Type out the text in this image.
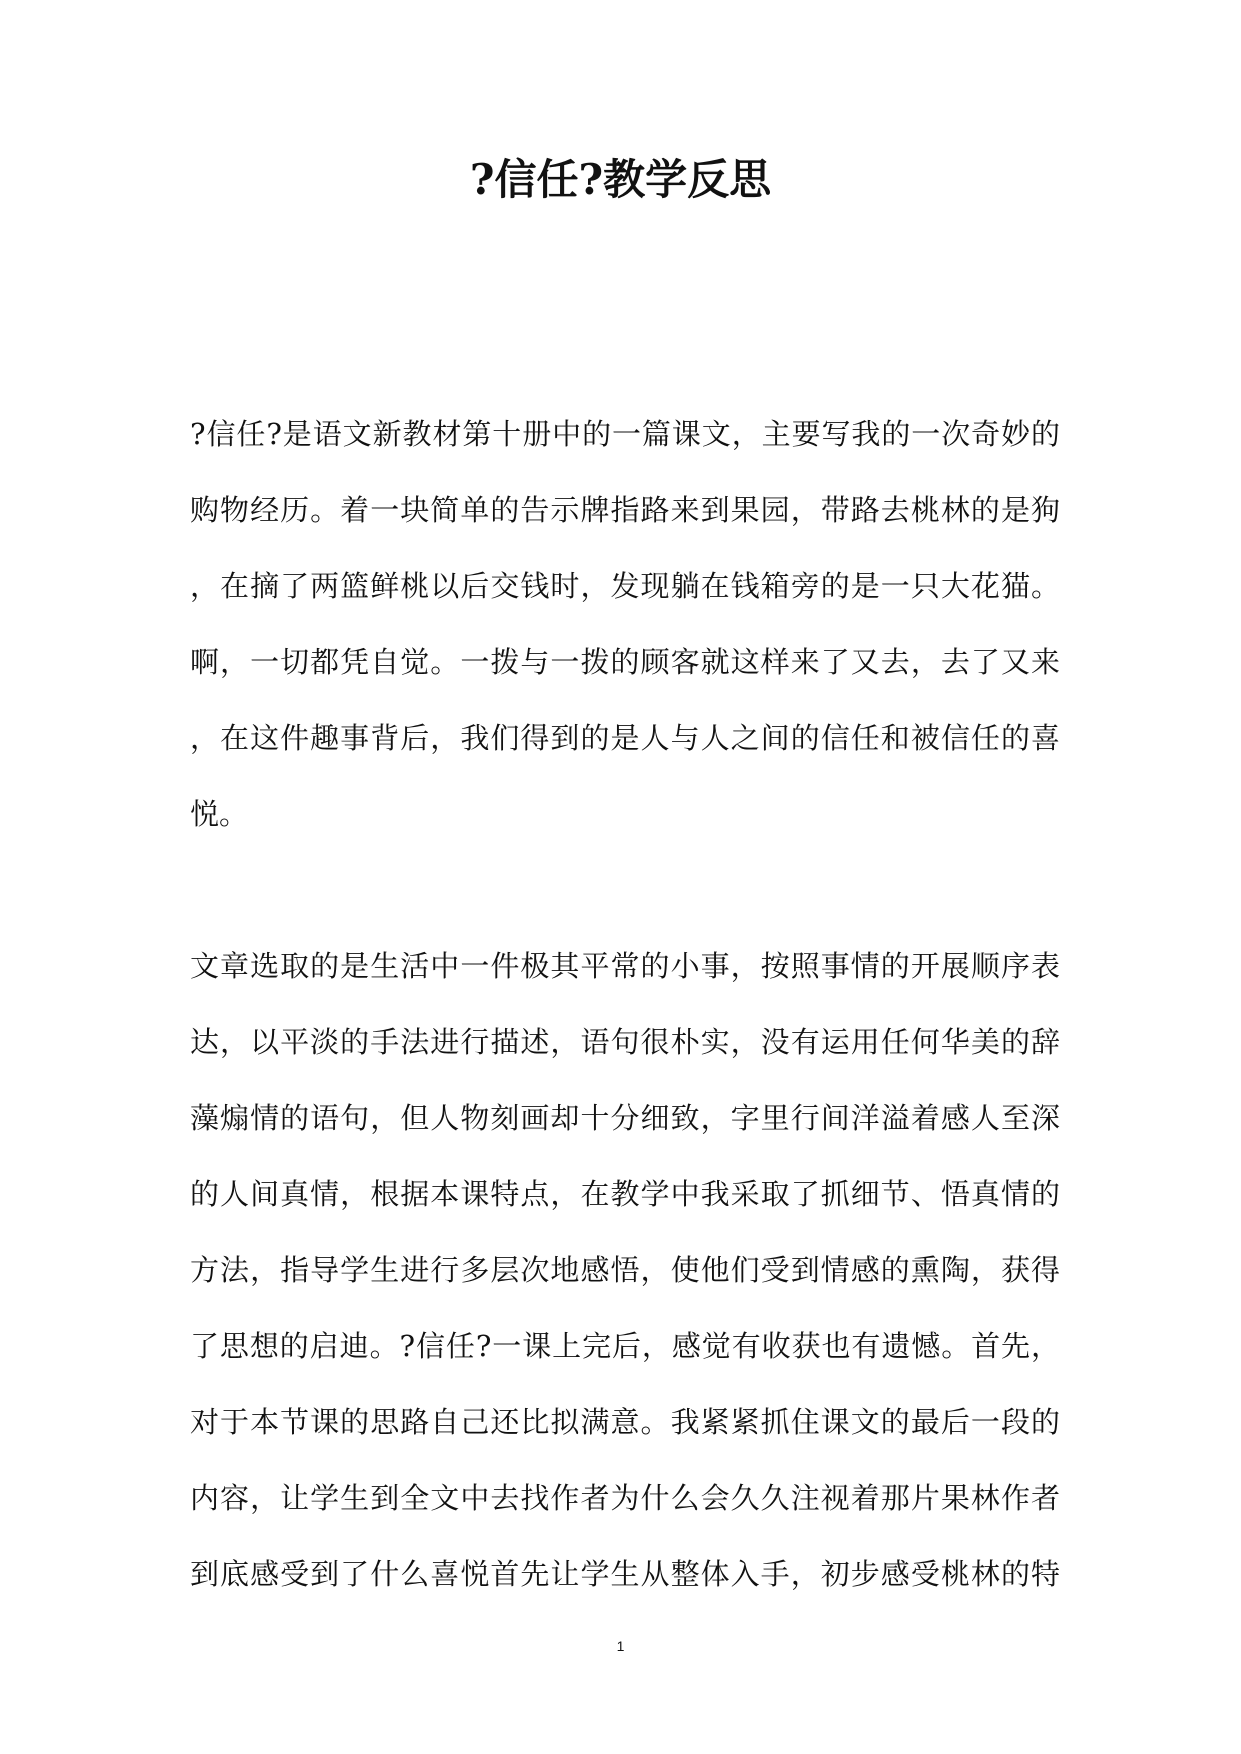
?信任?教学反思
?信任?是语文新教材第十册中的一篇课文，主要写我的一次奇妙的
购物经历。着一块简单的告示牌指路来到果园，带路去桃林的是狗
，在摘了两篮鲜桃以后交钱时，发现躺在钱箱旁的是一只大花猫。
啊，一切都凭自觉。一拨与一拨的顾客就这样来了又去，去了又来
，在这件趣事背后，我们得到的是人与人之间的信任和被信任的喜
悦。
文章选取的是生活中一件极其平常的小事，按照事情的开展顺序表
达，以平淡的手法进行描述，语句很朴实，没有运用任何华美的辞
藻煽情的语句，但人物刻画却十分细致，字里行间洋溢着感人至深
的人间真情，根据本课特点，在教学中我采取了抓细节、悟真情的
方法，指导学生进行多层次地感悟，使他们受到情感的熏陶，获得
了思想的启迪。?信任?一课上完后，感觉有收获也有遗憾。首先，
对于本节课的思路自己还比拟满意。我紧紧抓住课文的最后一段的
内容，让学生到全文中去找作者为什么会久久注视着那片果林作者
到底感受到了什么喜悦首先让学生从整体入手，初步感受桃林的特
1
